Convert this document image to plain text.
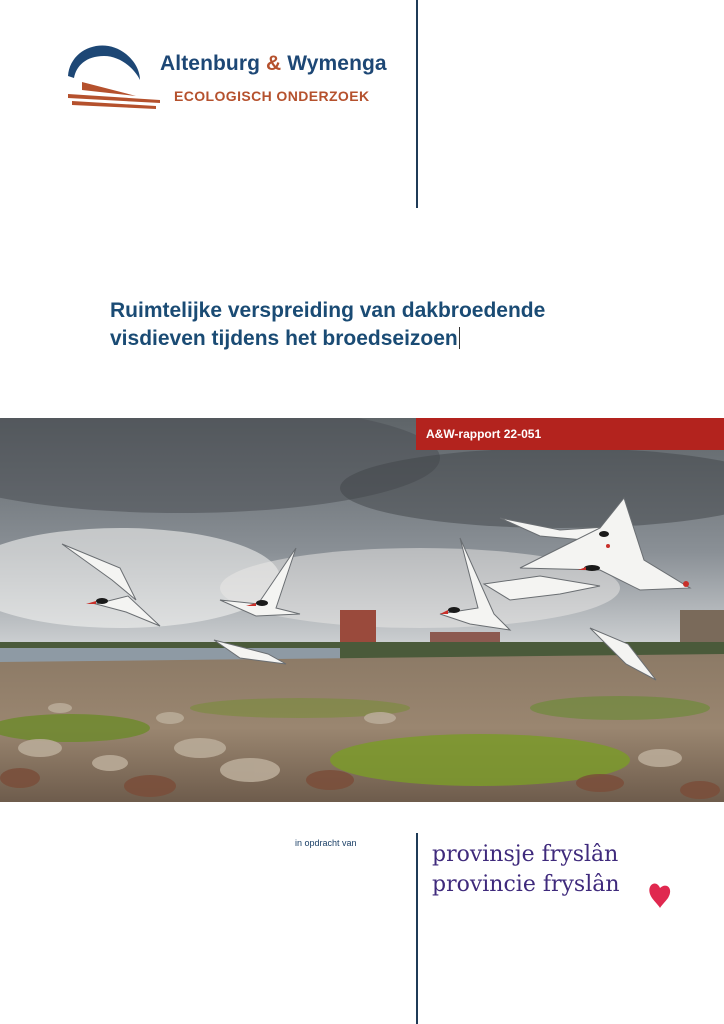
Altenburg & Wymenga
ECOLOGISCH ONDERZOEK
Ruimtelijke verspreiding van dakbroedende
visdieven tijdens het broedseizoen
A&W-rapport 22-051
in opdracht van	provinsje fryslân
provincie fryslân
